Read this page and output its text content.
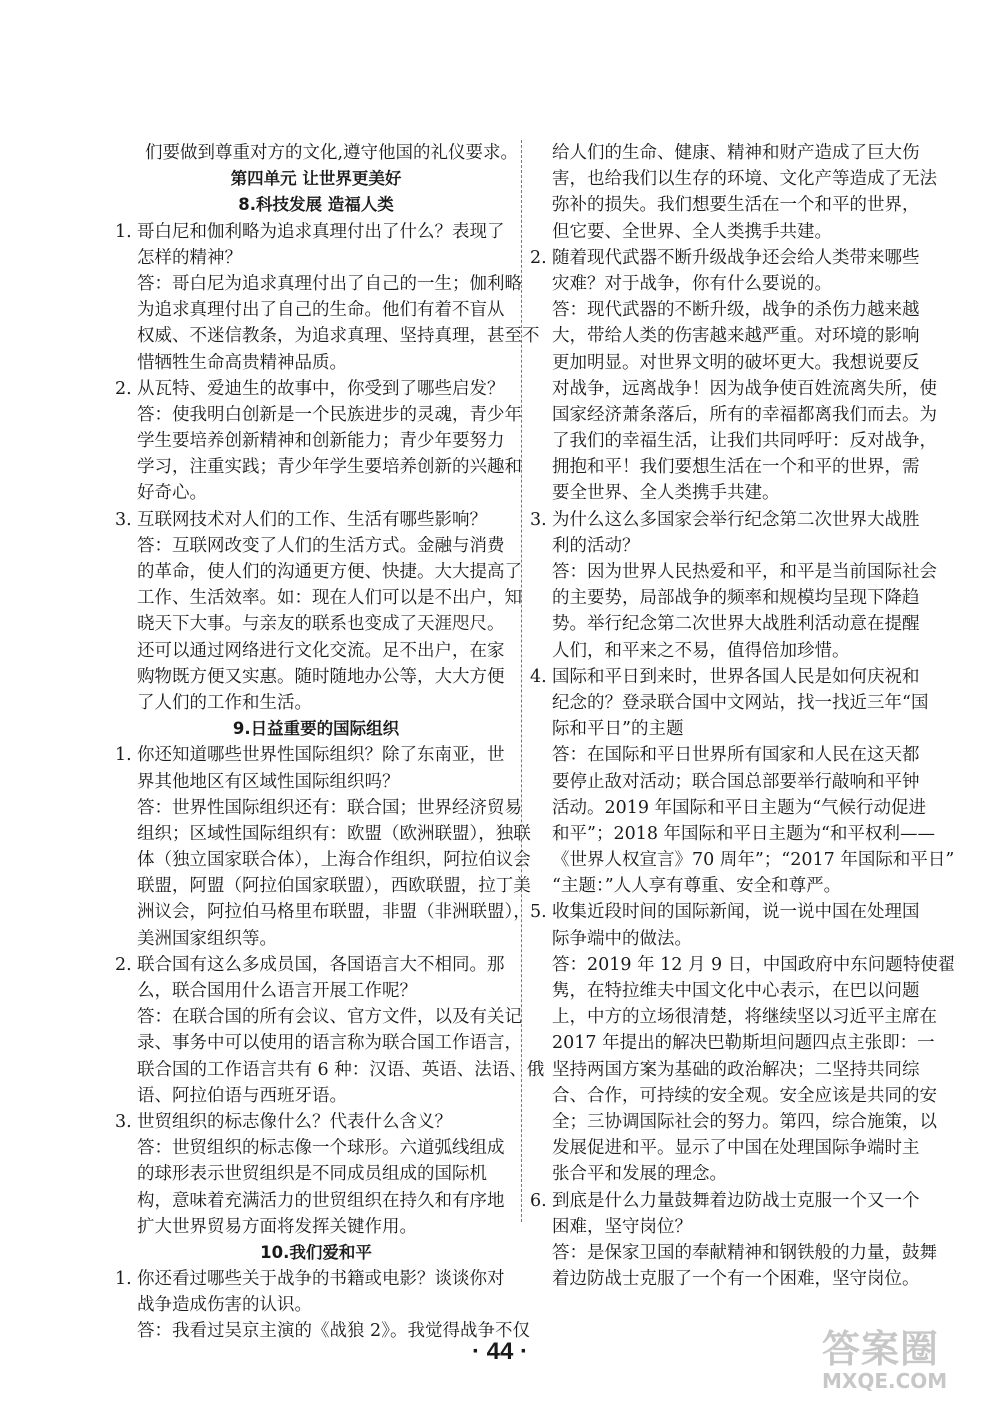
们要做到尊重对方的文化,遵守他国的礼仪要求。
第四单元 让世界更美好
8.科技发展 造福人类
1. 哥白尼和伽利略为追求真理付出了什么？表现了
怎样的精神？
答：哥白尼为追求真理付出了自己的一生；伽利略
为追求真理付出了自己的生命。他们有着不盲从
权威、不迷信教条，为追求真理、坚持真理，甚至不
惜牺牲生命高贵精神品质。
2. 从瓦特、爱迪生的故事中，你受到了哪些启发？
答：使我明白创新是一个民族进步的灵魂，青少年
学生要培养创新精神和创新能力；青少年要努力
学习，注重实践；青少年学生要培养创新的兴趣和
好奇心。
3. 互联网技术对人们的工作、生活有哪些影响？
答：互联网改变了人们的生活方式。金融与消费
的革命，使人们的沟通更方便、快捷。大大提高了
工作、生活效率。如：现在人们可以是不出户，知
晓天下大事。与亲友的联系也变成了天涯咫尺。
还可以通过网络进行文化交流。足不出户，在家
购物既方便又实惠。随时随地办公等，大大方便
了人们的工作和生活。
9.日益重要的国际组织
1. 你还知道哪些世界性国际组织？除了东南亚，世
界其他地区有区域性国际组织吗？
答：世界性国际组织还有：联合国；世界经济贸易
组织；区域性国际组织有：欧盟（欧洲联盟），独联
体（独立国家联合体），上海合作组织，阿拉伯议会
联盟，阿盟（阿拉伯国家联盟），西欧联盟，拉丁美
洲议会，阿拉伯马格里布联盟，非盟（非洲联盟），
美洲国家组织等。
2. 联合国有这么多成员国，各国语言大不相同。那
么，联合国用什么语言开展工作呢？
答：在联合国的所有会议、官方文件，以及有关记
录、事务中可以使用的语言称为联合国工作语言，
联合国的工作语言共有 6 种：汉语、英语、法语、俄
语、阿拉伯语与西班牙语。
3. 世贸组织的标志像什么？代表什么含义？
答：世贸组织的标志像一个球形。六道弧线组成
的球形表示世贸组织是不同成员组成的国际机
构，意味着充满活力的世贸组织在持久和有序地
扩大世界贸易方面将发挥关键作用。
10.我们爱和平
1. 你还看过哪些关于战争的书籍或电影？谈谈你对
战争造成伤害的认识。
答：我看过吴京主演的《战狼 2》。我觉得战争不仅
给人们的生命、健康、精神和财产造成了巨大伤
害，也给我们以生存的环境、文化产等造成了无法
弥补的损失。我们想要生活在一个和平的世界，
但它要、全世界、全人类携手共建。
2. 随着现代武器不断升级战争还会给人类带来哪些
灾难？对于战争，你有什么要说的。
答：现代武器的不断升级，战争的杀伤力越来越
大，带给人类的伤害越来越严重。对环境的影响
更加明显。对世界文明的破坏更大。我想说要反
对战争，远离战争！因为战争使百姓流离失所，使
国家经济萧条落后，所有的幸福都离我们而去。为
了我们的幸福生活，让我们共同呼吁：反对战争，
拥抱和平！我们要想生活在一个和平的世界，需
要全世界、全人类携手共建。
3. 为什么这么多国家会举行纪念第二次世界大战胜
利的活动？
答：因为世界人民热爱和平，和平是当前国际社会
的主要势，局部战争的频率和规模均呈现下降趋
势。举行纪念第二次世界大战胜利活动意在提醒
人们，和平来之不易，值得倍加珍惜。
4. 国际和平日到来时，世界各国人民是如何庆祝和
纪念的？登录联合国中文网站，找一找近三年“国
际和平日”的主题
答：在国际和平日世界所有国家和人民在这天都
要停止敌对活动；联合国总部要举行敲响和平钟
活动。2019 年国际和平日主题为“气候行动促进
和平”；2018 年国际和平日主题为“和平权利——
《世界人权宣言》70 周年”；“2017 年国际和平日”
“主题：”人人享有尊重、安全和尊严。
5. 收集近段时间的国际新闻，说一说中国在处理国
际争端中的做法。
答：2019 年 12 月 9 日，中国政府中东问题特使翟
隽，在特拉维夫中国文化中心表示，在巴以问题
上，中方的立场很清楚，将继续坚以习近平主席在
2017 年提出的解决巴勒斯坦问题四点主张即：一
坚持两国方案为基础的政治解决；二坚持共同综
合、合作，可持续的安全观。安全应该是共同的安
全；三协调国际社会的努力。第四，综合施策，以
发展促进和平。显示了中国在处理国际争端时主
张合平和发展的理念。
6. 到底是什么力量鼓舞着边防战士克服一个又一个
困难，坚守岗位？
答：是保家卫国的奉献精神和钢铁般的力量，鼓舞
着边防战士克服了一个有一个困难，坚守岗位。
· 44 ·	答案圈
MXQE.COM
